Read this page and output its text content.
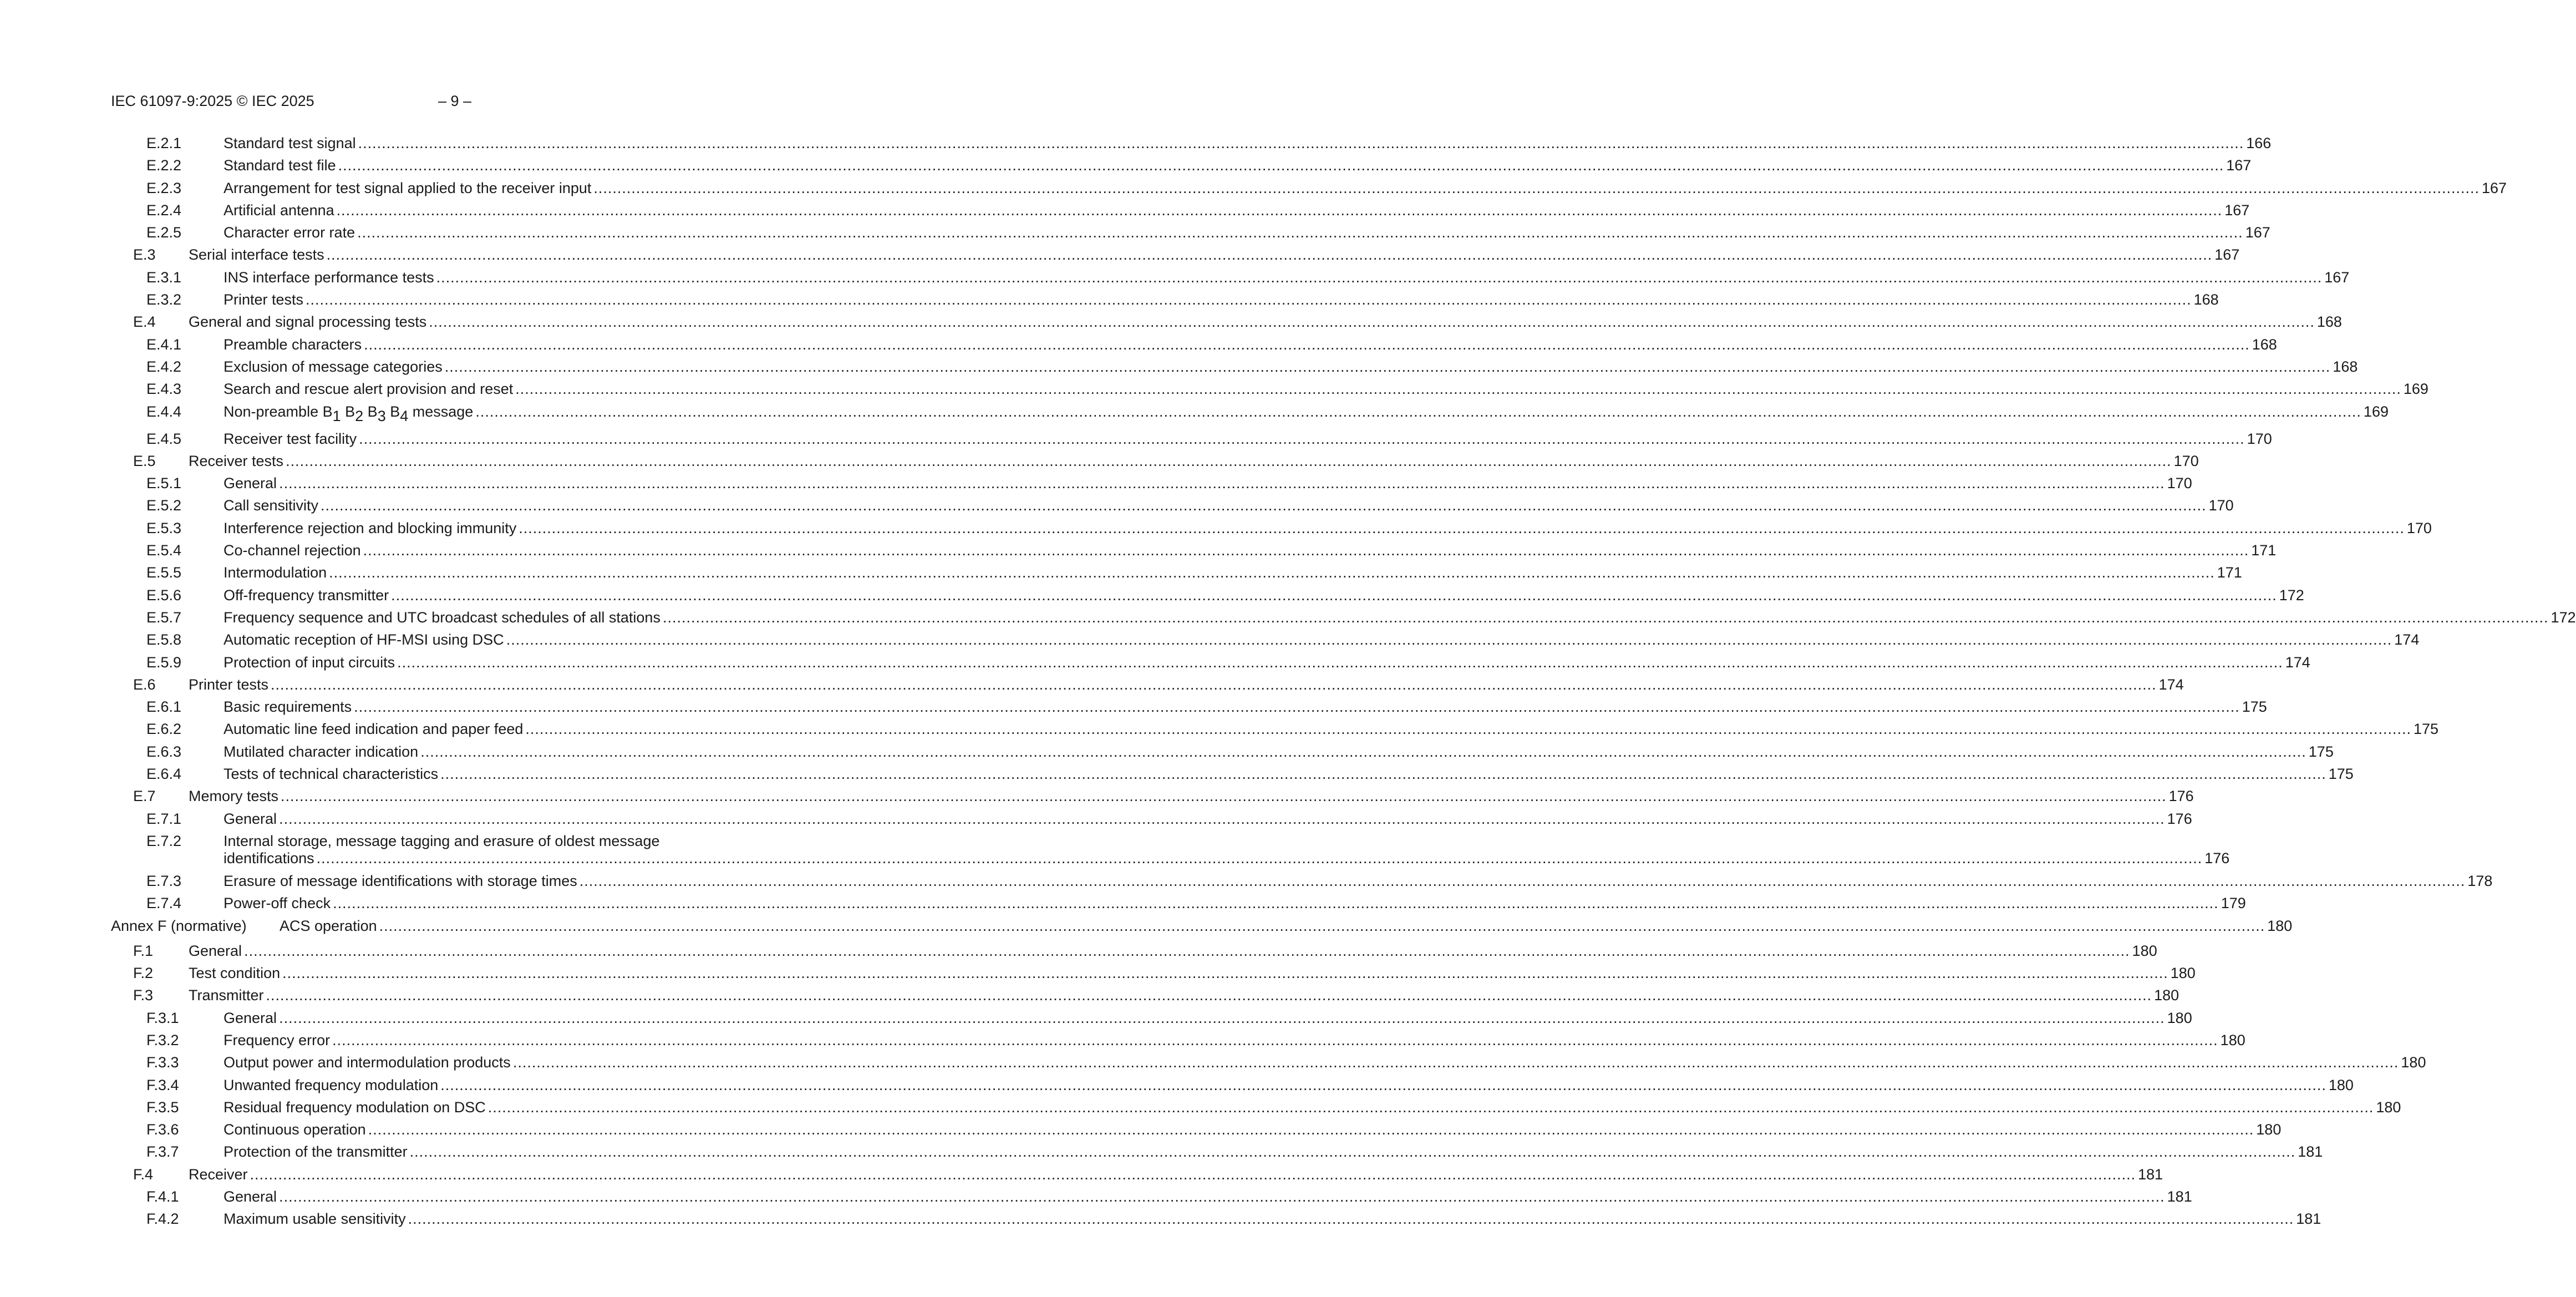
IEC 61097-9:2025 © IEC 2025	– 9 –
E.2.1	Standard test signal ................................................................................................................................................................................................................................................................................................................................................................................................................ 166
E.2.2	Standard test file ................................................................................................................................................................................................................................................................................................................................................................................................................ 167
E.2.3	Arrangement for test signal applied to the receiver input ................................................................................................................................................................................................................................................................................................................................................................................................................ 167
E.2.4	Artificial antenna ................................................................................................................................................................................................................................................................................................................................................................................................................ 167
E.2.5	Character error rate ................................................................................................................................................................................................................................................................................................................................................................................................................ 167
E.3 Serial interface tests ................................................................................................................................................................................................................................................................................................................................................................................................................ 167
E.3.1	INS interface performance tests ................................................................................................................................................................................................................................................................................................................................................................................................................ 167
E.3.2	Printer tests ................................................................................................................................................................................................................................................................................................................................................................................................................ 168
E.4 General and signal processing tests ................................................................................................................................................................................................................................................................................................................................................................................................................ 168
E.4.1	Preamble characters ................................................................................................................................................................................................................................................................................................................................................................................................................ 168
E.4.2	Exclusion of message categories ................................................................................................................................................................................................................................................................................................................................................................................................................ 168
E.4.3	Search and rescue alert provision and reset ................................................................................................................................................................................................................................................................................................................................................................................................................ 169
E.4.4	Non-preamble $B_1$ $B_2$ $B_3$ $B_4$ message ................................................................................................................................................................................................................................................................................................................................................................................................................ 169
E.4.5	Receiver test facility ................................................................................................................................................................................................................................................................................................................................................................................................................ 170
E.5 Receiver tests ................................................................................................................................................................................................................................................................................................................................................................................................................ 170
E.5.1	General ................................................................................................................................................................................................................................................................................................................................................................................................................ 170
E.5.2	Call sensitivity ................................................................................................................................................................................................................................................................................................................................................................................................................ 170
E.5.3	Interference rejection and blocking immunity ................................................................................................................................................................................................................................................................................................................................................................................................................ 170
E.5.4	Co-channel rejection ................................................................................................................................................................................................................................................................................................................................................................................................................ 171
E.5.5	Intermodulation ................................................................................................................................................................................................................................................................................................................................................................................................................ 171
E.5.6	Off-frequency transmitter ................................................................................................................................................................................................................................................................................................................................................................................................................ 172
E.5.7	Frequency sequence and UTC broadcast schedules of all stations ................................................................................................................................................................................................................................................................................................................................................................................................................ 172
E.5.8	Automatic reception of HF-MSI using DSC ................................................................................................................................................................................................................................................................................................................................................................................................................ 174
E.5.9	Protection of input circuits ................................................................................................................................................................................................................................................................................................................................................................................................................ 174
E.6 Printer tests ................................................................................................................................................................................................................................................................................................................................................................................................................ 174
E.6.1	Basic requirements ................................................................................................................................................................................................................................................................................................................................................................................................................ 175
E.6.2	Automatic line feed indication and paper feed ................................................................................................................................................................................................................................................................................................................................................................................................................ 175
E.6.3	Mutilated character indication ................................................................................................................................................................................................................................................................................................................................................................................................................ 175
E.6.4	Tests of technical characteristics ................................................................................................................................................................................................................................................................................................................................................................................................................ 175
E.7 Memory tests ................................................................................................................................................................................................................................................................................................................................................................................................................ 176
E.7.1	General ................................................................................................................................................................................................................................................................................................................................................................................................................ 176
E.7.2	Internal storage, message tagging and erasure of oldest message
identifications ................................................................................................................................................................................................................................................................................................................................................................................................................ 176
E.7.3	Erasure of message identifications with storage times ................................................................................................................................................................................................................................................................................................................................................................................................................ 178
E.7.4	Power-off check ................................................................................................................................................................................................................................................................................................................................................................................................................ 179
Annex F (normative) ACS operation ................................................................................................................................................................................................................................................................................................................................................................................................................ 180
F.1 General ................................................................................................................................................................................................................................................................................................................................................................................................................ 180
F.2 Test condition ................................................................................................................................................................................................................................................................................................................................................................................................................ 180
F.3 Transmitter ................................................................................................................................................................................................................................................................................................................................................................................................................ 180
F.3.1	General ................................................................................................................................................................................................................................................................................................................................................................................................................ 180
F.3.2	Frequency error ................................................................................................................................................................................................................................................................................................................................................................................................................ 180
F.3.3	Output power and intermodulation products ................................................................................................................................................................................................................................................................................................................................................................................................................ 180
F.3.4	Unwanted frequency modulation ................................................................................................................................................................................................................................................................................................................................................................................................................ 180
F.3.5	Residual frequency modulation on DSC ................................................................................................................................................................................................................................................................................................................................................................................................................ 180
F.3.6	Continuous operation ................................................................................................................................................................................................................................................................................................................................................................................................................ 180
F.3.7	Protection of the transmitter ................................................................................................................................................................................................................................................................................................................................................................................................................ 181
F.4 Receiver ................................................................................................................................................................................................................................................................................................................................................................................................................ 181
F.4.1	General ................................................................................................................................................................................................................................................................................................................................................................................................................ 181
F.4.2	Maximum usable sensitivity ................................................................................................................................................................................................................................................................................................................................................................................................................ 181
